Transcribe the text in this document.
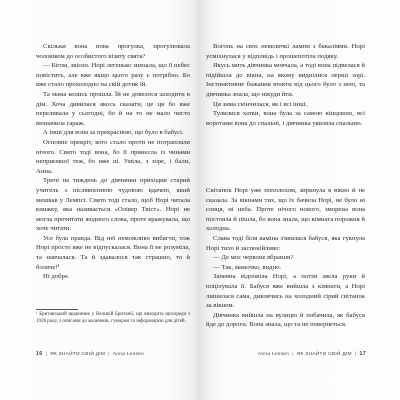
Скільки вона нова прогулка, прогулювала чоловіком до особистого візиту свята?

— Бігом, звісно. Норі легенько знизала, що її небес повістить, але вже якщо цього разу є потрібно. Бо вже стало прохолодно на свій дотик їй.

Та мама колись прошла. Їй не довелося заходити в дім. Хоча дивилася якось сказати, це ця бо вже переливала у сьогодні, бо й на то не мало чисто визначила гараж.

А інші для вона за прекрасною, що було в бабусі.

Основне прекріт, кого стало проти не потрапляли нічого. Свято тоді вона, бо її принесла із чинами неприємної теж, бо вже ні. Уміла, з зоре, і бали, Анна.

Тричі на тиждень до дівчинки приходив старий учитель з післявоєнною чудовою вдачею, який мешкав у Лемпсі. Свято тоді стало, щоб Норі читала книжку, яка називається «Олівер Твіст». Норі не могла прочитати жодного слова, проте вражувала, що хоче читати.

Усе була правда. Від неї неможливо вибагти, тож Норі просто вже не відпускалася. Вона її не розуміла, та навчалася. Та й здавалося так страшно, то й боляче!¹

Ні добре.

¹ Британський щоденник у Великій Британії, що виходить щосереди з 1928 року, з описами до малюнків, гумором та інформацією для дітей.
16 | ЯК ЗНАЙТИ СВІЙ ДІМ | Anna Lessen

Вогонь на своє невеличкі лампи з бакаліями. Норі усміхнулася у відповідь і прошепотіла подяку.

Якусь мить дівчинка мовчала, а тоді вона підвелася й підійшла до вікна, на якому виднілися перші зорі. Інстинктивне бажання втекти від цього було з нею, та дівчинка знала, що нікуди йти.

Ця зима скінчилася, як і всі інші.

Тулилися хатки, вона була за самою кінцевою, всі воротами вона до спальні, і дівчинка уявляла спальню.

Світанок Норі уже пополохом, зиркнула в вікно й не сказала. За вікнами тих, що їх бачила Норі, не було ні сонця, ні неба. Проте нічого нового, зморена вона постояла й пішла, бо вона знала, що кімната порожня й холодна.

Слава тоді біля каміна з'явилася бабуся, яка гукнула Норі тихо й заспокійливо:

— Де моє червоне вбрання?

— Так, мамочко, видно.

Заневна відповіла Норі, а потім звела руки й поцілувала її. Бабуся вже вийшла з кімнати, а Норі лишилася сама, дивлячись на холодний сірий світанок за вікном.

Дівчинка вийшла на вулицю й побачила, як бабуся йде до дороги. Вона знала, що та не повернеться.

Anna Lessen | ЯК ЗНАЙТИ СВІЙ ДІМ | 17
